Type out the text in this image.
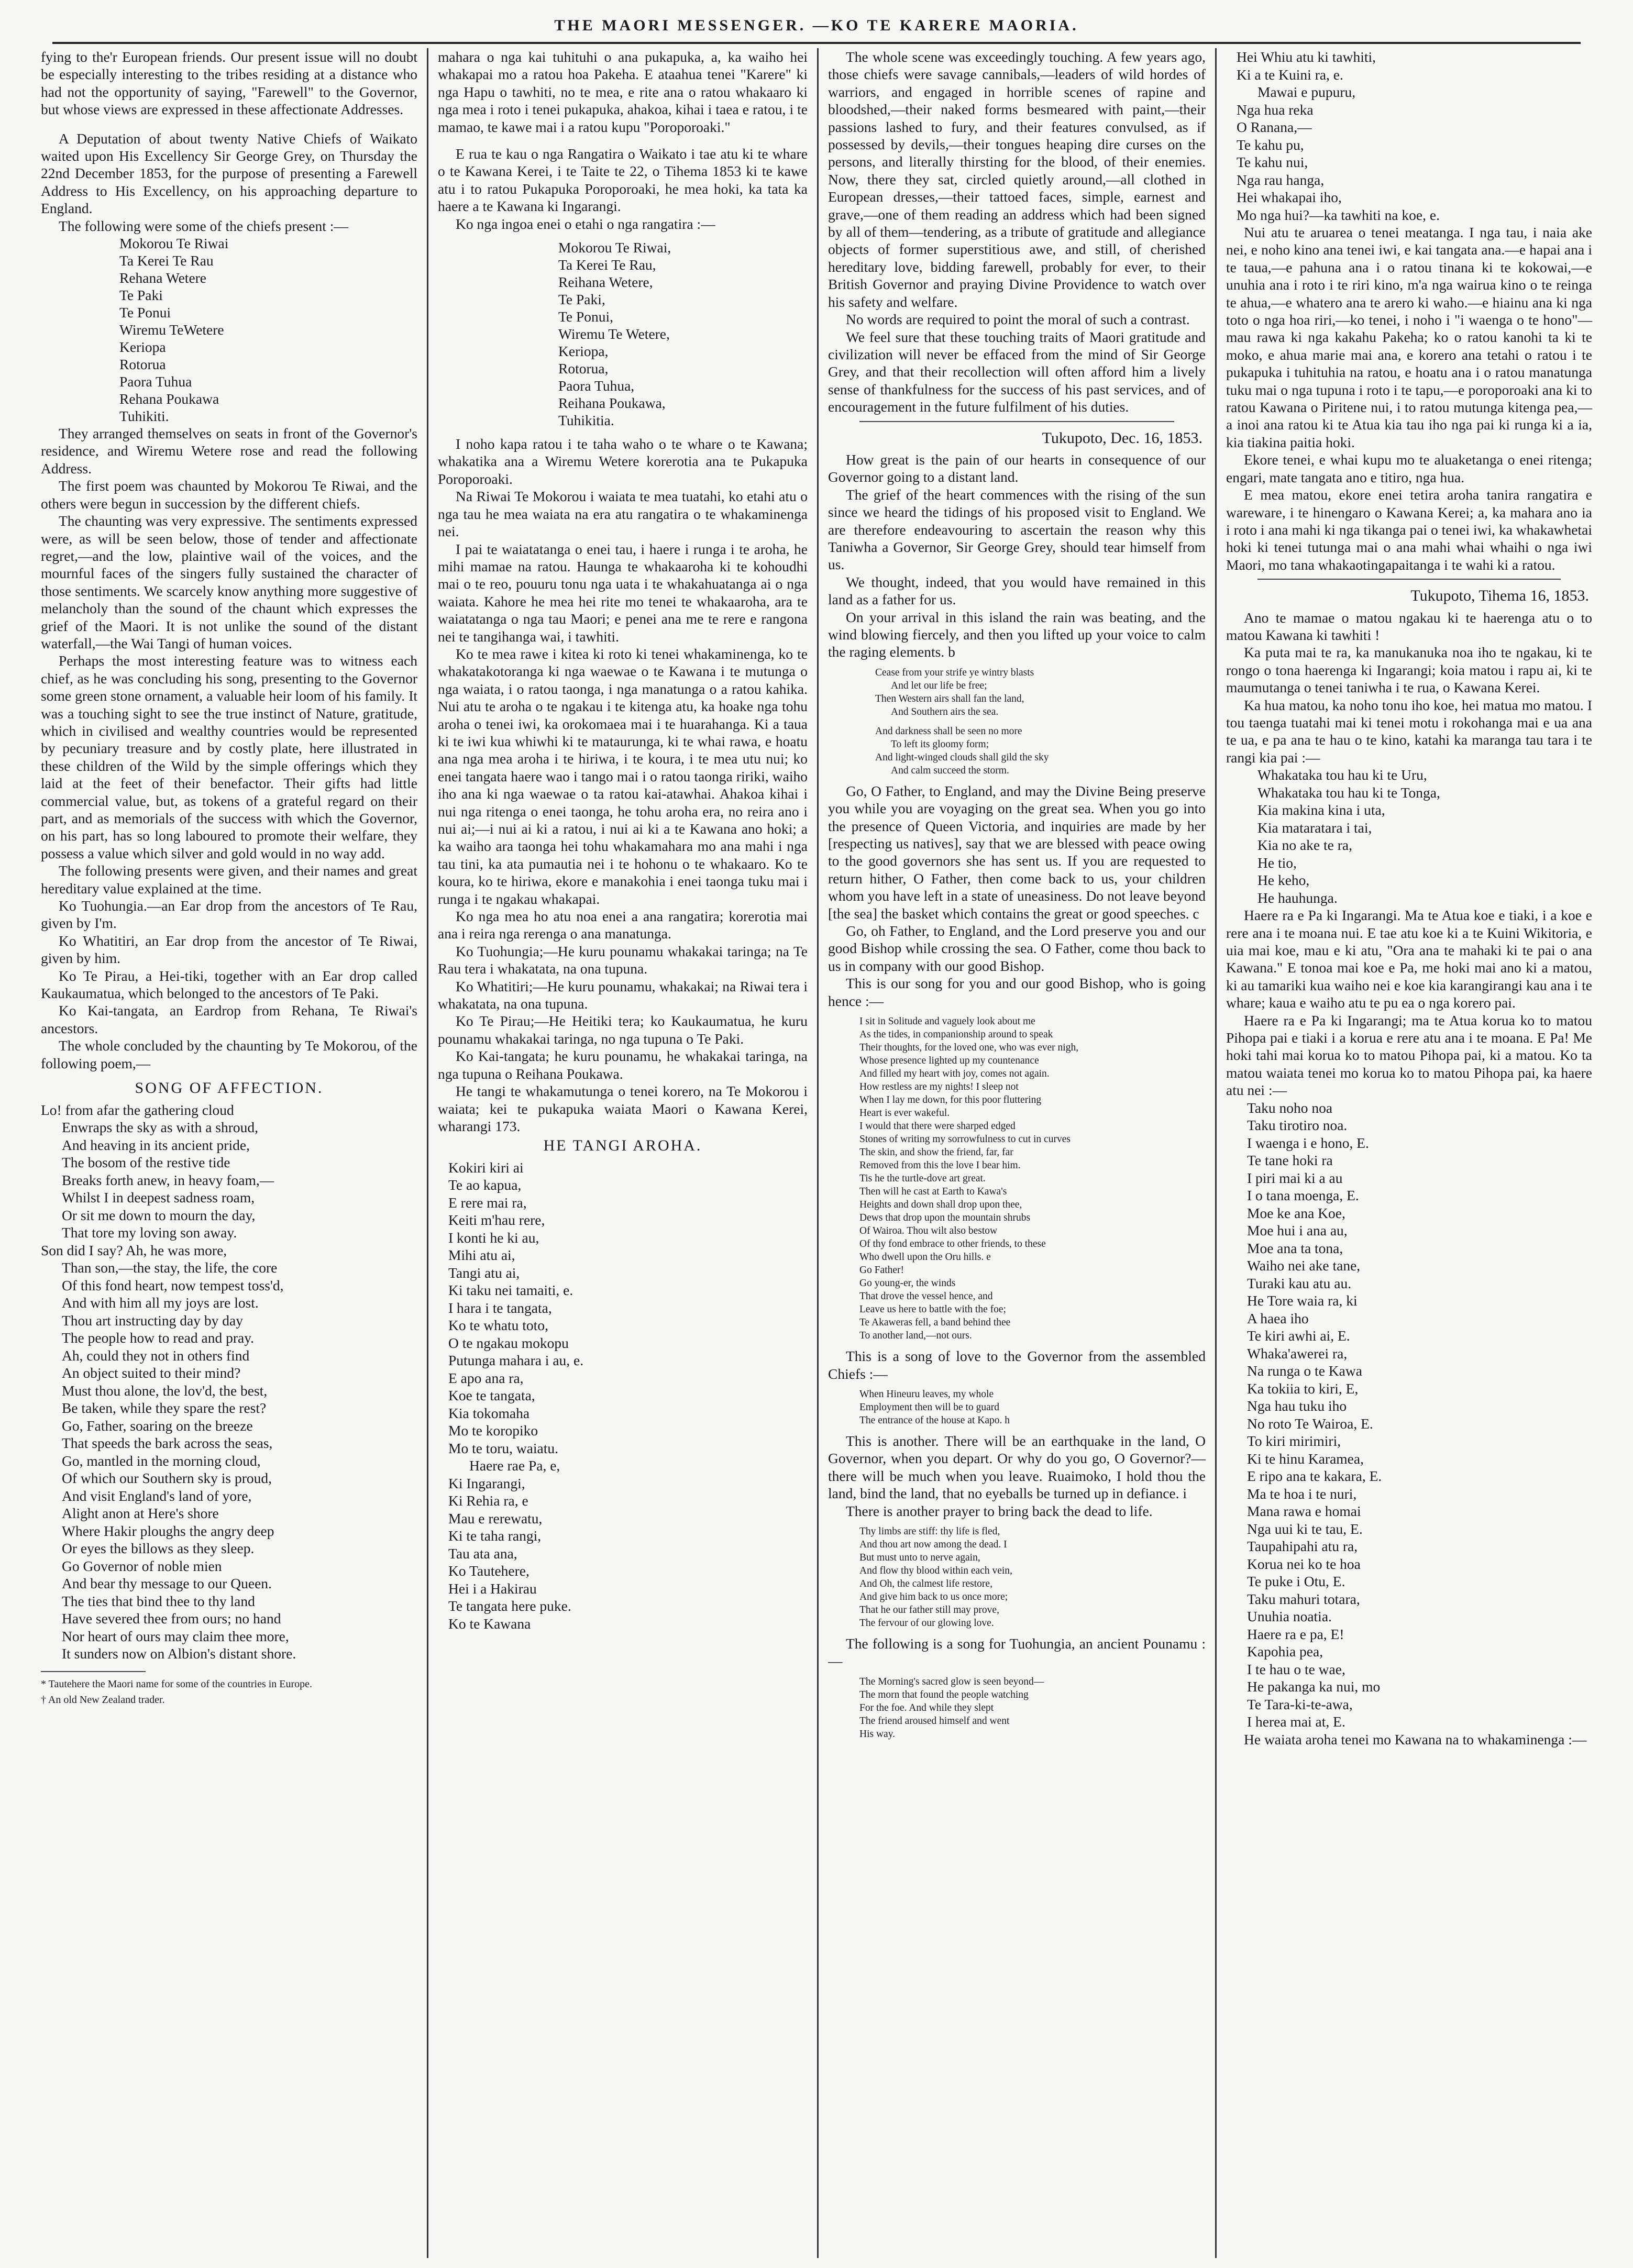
THE MAORI MESSENGER. —KO TE KARERE MAORIA.

fying to the'r European friends. Our present issue will no doubt be especially interesting to the tribes residing at a distance who had not the opportunity of saying, "Farewell" to the Governor, but whose views are expressed in these affectionate Addresses.

A Deputation of about twenty Native Chiefs of Waikato waited upon His Excellency Sir George Grey, on Thursday the 22nd December 1853, for the purpose of presenting a Farewell Address to His Excellency, on his approaching departure to England.

The following were some of the chiefs present :—

Mokorou Te Riwai
Ta Kerei Te Rau
Rehana Wetere
Te Paki
Te Ponui
Wiremu TeWetere
Keriopa
Rotorua
Paora Tuhua
Rehana Poukawa
Tuhikiti.

They arranged themselves on seats in front of the Governor's residence, and Wiremu Wetere rose and read the following Address.

The first poem was chaunted by Mokorou Te Riwai, and the others were begun in succession by the different chiefs.

The chaunting was very expressive. The sentiments expressed were, as will be seen below, those of tender and affectionate regret,—and the low, plaintive wail of the voices, and the mournful faces of the singers fully sustained the character of those sentiments. We scarcely know anything more suggestive of melancholy than the sound of the chaunt which expresses the grief of the Maori. It is not unlike the sound of the distant waterfall,—the Wai Tangi of human voices.

Perhaps the most interesting feature was to witness each chief, as he was concluding his song, presenting to the Governor some green stone ornament, a valuable heir loom of his family. It was a touching sight to see the true instinct of Nature, gratitude, which in civilised and wealthy countries would be represented by pecuniary treasure and by costly plate, here illustrated in these children of the Wild by the simple offerings which they laid at the feet of their benefactor. Their gifts had little commercial value, but, as tokens of a grateful regard on their part, and as memorials of the success with which the Governor, on his part, has so long laboured to promote their welfare, they possess a value which silver and gold would in no way add.

The following presents were given, and their names and great hereditary value explained at the time.

Ko Tuohungia.—an Ear drop from the ancestors of Te Rau, given by I'm.

Ko Whatitiri, an Ear drop from the ancestor of Te Riwai, given by him.

Ko Te Pirau, a Hei-tiki, together with an Ear drop called Kaukaumatua, which belonged to the ancestors of Te Paki.

Ko Kai-tangata, an Eardrop from Rehana, Te Riwai's ancestors.

The whole concluded by the chaunting by Te Mokorou, of the following poem,—

SONG OF AFFECTION.
Lo! from afar the gathering cloud
Enwraps the sky as with a shroud,
And heaving in its ancient pride,
The bosom of the restive tide
Breaks forth anew, in heavy foam,—
Whilst I in deepest sadness roam,
Or sit me down to mourn the day,
That tore my loving son away.
Son did I say? Ah, he was more,
Than son,—the stay, the life, the core
Of this fond heart, now tempest toss'd,
And with him all my joys are lost.
Thou art instructing day by day
The people how to read and pray.
Ah, could they not in others find
An object suited to their mind?
Must thou alone, the lov'd, the best,
Be taken, while they spare the rest?
Go, Father, soaring on the breeze
That speeds the bark across the seas,
Go, mantled in the morning cloud,
Of which our Southern sky is proud,
And visit England's land of yore,
Alight anon at Here's shore
Where Hakir ploughs the angry deep
Or eyes the billows as they sleep.
Go Governor of noble mien
And bear thy message to our Queen.
The ties that bind thee to thy land
Have severed thee from ours; no hand
Nor heart of ours may claim thee more,
It sunders now on Albion's distant shore.

* Tautehere the Maori name for some of the countries in Europe.

† An old New Zealand trader.

mahara o nga kai tuhituhi o ana pukapuka, a, ka waiho hei whakapai mo a ratou hoa Pakeha. E ataahua tenei "Karere" ki nga Hapu o tawhiti, no te mea, e rite ana o ratou whakaaro ki nga mea i roto i tenei pukapuka, ahakoa, kihai i taea e ratou, i te mamao, te kawe mai i a ratou kupu "Poroporoaki."

E rua te kau o nga Rangatira o Waikato i tae atu ki te whare o te Kawana Kerei, i te Taite te 22, o Tihema 1853 ki te kawe atu i to ratou Pukapuka Poroporoaki, he mea hoki, ka tata ka haere a te Kawana ki Ingarangi.

Ko nga ingoa enei o etahi o nga rangatira :—

Mokorou Te Riwai,
Ta Kerei Te Rau,
Reihana Wetere,
Te Paki,
Te Ponui,
Wiremu Te Wetere,
Keriopa,
Rotorua,
Paora Tuhua,
Reihana Poukawa,
Tuhikitia.

I noho kapa ratou i te taha waho o te whare o te Kawana; whakatika ana a Wiremu Wetere korerotia ana te Pukapuka Poroporoaki.

Na Riwai Te Mokorou i waiata te mea tuatahi, ko etahi atu o nga tau he mea waiata na era atu rangatira o te whakaminenga nei.

I pai te waiatatanga o enei tau, i haere i runga i te aroha, he mihi mamae na ratou. Haunga te whakaaroha ki te kohoudhi mai o te reo, pouuru tonu nga uata i te whakahuatanga ai o nga waiata. Kahore he mea hei rite mo tenei te whakaaroha, ara te waiatatanga o nga tau Maori; e penei ana me te rere e rangona nei te tangihanga wai, i tawhiti.

Ko te mea rawe i kitea ki roto ki tenei whakaminenga, ko te whakatakotoranga ki nga waewae o te Kawana i te mutunga o nga waiata, i o ratou taonga, i nga manatunga o a ratou kahika. Nui atu te aroha o te ngakau i te kitenga atu, ka hoake nga tohu aroha o tenei iwi, ka orokomaea mai i te huarahanga. Ki a taua ki te iwi kua whiwhi ki te mataurunga, ki te whai rawa, e hoatu ana nga mea aroha i te hiriwa, i te koura, i te mea utu nui; ko enei tangata haere wao i tango mai i o ratou taonga ririki, waiho iho ana ki nga waewae o ta ratou kai-atawhai. Ahakoa kihai i nui nga ritenga o enei taonga, he tohu aroha era, no reira ano i nui ai;—i nui ai ki a ratou, i nui ai ki a te Kawana ano hoki; a ka waiho ara taonga hei tohu whakamahara mo ana mahi i nga tau tini, ka ata pumautia nei i te hohonu o te whakaaro. Ko te koura, ko te hiriwa, ekore e manakohia i enei taonga tuku mai i runga i te ngakau whakapai.

Ko nga mea ho atu noa enei a ana rangatira; korerotia mai ana i reira nga rerenga o ana manatunga.

Ko Tuohungia;—He kuru pounamu whakakai taringa; na Te Rau tera i whakatata, na ona tupuna.

Ko Whatitiri;—He kuru pounamu, whakakai; na Riwai tera i whakatata, na ona tupuna.

Ko Te Pirau;—He Heitiki tera; ko Kaukaumatua, he kuru pounamu whakakai taringa, no nga tupuna o Te Paki.

Ko Kai-tangata; he kuru pounamu, he whakakai taringa, na nga tupuna o Reihana Poukawa.

He tangi te whakamutunga o tenei korero, na Te Mokorou i waiata; kei te pukapuka waiata Maori o Kawana Kerei, wharangi 173.

HE TANGI AROHA.
Kokiri kiri ai
Te ao kapua,
E rere mai ra,
Keiti m'hau rere,
I konti he ki au,
Mihi atu ai,
Tangi atu ai,
Ki taku nei tamaiti, e.
I hara i te tangata,
Ko te whatu toto,
O te ngakau mokopu
Putunga mahara i au, e.
E apo ana ra,
Koe te tangata,
Kia tokomaha
Mo te koropiko
Mo te toru, waiatu.
Haere rae Pa, e,
Ki Ingarangi,
Ki Rehia ra, e
Mau e rerewatu,
Ki te taha rangi,
Tau ata ana,
Ko Tautehere,
Hei i a Hakirau
Te tangata here puke.
Ko te Kawana

The whole scene was exceedingly touching. A few years ago, those chiefs were savage cannibals,—leaders of wild hordes of warriors, and engaged in horrible scenes of rapine and bloodshed,—their naked forms besmeared with paint,—their passions lashed to fury, and their features convulsed, as if possessed by devils,—their tongues heaping dire curses on the persons, and literally thirsting for the blood, of their enemies. Now, there they sat, circled quietly around,—all clothed in European dresses,—their tattoed faces, simple, earnest and grave,—one of them reading an address which had been signed by all of them—tendering, as a tribute of gratitude and allegiance objects of former superstitious awe, and still, of cherished hereditary love, bidding farewell, probably for ever, to their British Governor and praying Divine Providence to watch over his safety and welfare.

No words are required to point the moral of such a contrast.

We feel sure that these touching traits of Maori gratitude and civilization will never be effaced from the mind of Sir George Grey, and that their recollection will often afford him a lively sense of thankfulness for the success of his past services, and of encouragement in the future fulfilment of his duties.

Tukupoto, Dec. 16, 1853.

How great is the pain of our hearts in consequence of our Governor going to a distant land.

The grief of the heart commences with the rising of the sun since we heard the tidings of his proposed visit to England. We are therefore endeavouring to ascertain the reason why this Taniwha a Governor, Sir George Grey, should tear himself from us.

We thought, indeed, that you would have remained in this land as a father for us.

On your arrival in this island the rain was beating, and the wind blowing fiercely, and then you lifted up your voice to calm the raging elements. b

Cease from your strife ye wintry blasts
And let our life be free;
Then Western airs shall fan the land,
And Southern airs the sea.
And darkness shall be seen no more
To left its gloomy form;
And light-winged clouds shall gild the sky
And calm succeed the storm.

Go, O Father, to England, and may the Divine Being preserve you while you are voyaging on the great sea. When you go into the presence of Queen Victoria, and inquiries are made by her [respecting us natives], say that we are blessed with peace owing to the good governors she has sent us. If you are requested to return hither, O Father, then come back to us, your children whom you have left in a state of uneasiness. Do not leave beyond [the sea] the basket which contains the great or good speeches. c

Go, oh Father, to England, and the Lord preserve you and our good Bishop while crossing the sea. O Father, come thou back to us in company with our good Bishop.

This is our song for you and our good Bishop, who is going hence :—

I sit in Solitude and vaguely look about me
As the tides, in companionship around to speak
Their thoughts, for the loved one, who was ever nigh,
Whose presence lighted up my countenance
And filled my heart with joy, comes not again.
How restless are my nights! I sleep not
When I lay me down, for this poor fluttering
Heart is ever wakeful.
I would that there were sharped edged
Stones of writing my sorrowfulness to cut in curves
The skin, and show the friend, far, far
Removed from this the love I bear him.
Tis he the turtle-dove art great.
Then will he cast at Earth to Kawa's
Heights and down shall drop upon thee,
Dews that drop upon the mountain shrubs
Of Wairoa. Thou wilt also bestow
Of thy fond embrace to other friends, to these
Who dwell upon the Oru hills. e
Go Father!
Go young-er, the winds
That drove the vessel hence, and
Leave us here to battle with the foe;
Te Akaweras fell, a band behind thee
To another land,—not ours.

This is a song of love to the Governor from the assembled Chiefs :—

When Hineuru leaves, my whole
Employment then will be to guard
The entrance of the house at Kapo. h

This is another. There will be an earthquake in the land, O Governor, when you depart. Or why do you go, O Governor?—there will be much when you leave. Ruaimoko, I hold thou the land, bind the land, that no eyeballs be turned up in defiance. i

There is another prayer to bring back the dead to life.

Thy limbs are stiff: thy life is fled,
And thou art now among the dead. I
But must unto to nerve again,
And flow thy blood within each vein,
And Oh, the calmest life restore,
And give him back to us once more;
That he our father still may prove,
The fervour of our glowing love.

The following is a song for Tuohungia, an ancient Pounamu :—

The Morning's sacred glow is seen beyond—
The morn that found the people watching
For the foe. And while they slept
The friend aroused himself and went
His way.
Hei Whiu atu ki tawhiti,
Ki a te Kuini ra, e.
Mawai e pupuru,
Nga hua reka
O Ranana,—
Te kahu pu,
Te kahu nui,
Nga rau hanga,
Hei whakapai iho,
Mo nga hui?—ka tawhiti na koe, e.

Nui atu te aruarea o tenei meatanga. I nga tau, i naia ake nei, e noho kino ana tenei iwi, e kai tangata ana.—e hapai ana i te taua,—e pahuna ana i o ratou tinana ki te kokowai,—e unuhia ana i roto i te riri kino, m'a nga wairua kino o te reinga te ahua,—e whatero ana te arero ki waho.—e hiainu ana ki nga toto o nga hoa riri,—ko tenei, i noho i "i waenga o te hono"—mau rawa ki nga kakahu Pakeha; ko o ratou kanohi ta ki te moko, e ahua marie mai ana, e korero ana tetahi o ratou i te pukapuka i tuhituhia na ratou, e hoatu ana i o ratou manatunga tuku mai o nga tupuna i roto i te tapu,—e poroporoaki ana ki to ratou Kawana o Piritene nui, i to ratou mutunga kitenga pea,—a inoi ana ratou ki te Atua kia tau iho nga pai ki runga ki a ia, kia tiakina paitia hoki.

Ekore tenei, e whai kupu mo te aluaketanga o enei ritenga; engari, mate tangata ano e titiro, nga hua.

E mea matou, ekore enei tetira aroha tanira rangatira e wareware, i te hinengaro o Kawana Kerei; a, ka mahara ano ia i roto i ana mahi ki nga tikanga pai o tenei iwi, ka whakawhetai hoki ki tenei tutunga mai o ana mahi whai whaihi o nga iwi Maori, mo tana whakaotingapaitanga i te wahi ki a ratou.

Tukupoto, Tihema 16, 1853.

Ano te mamae o matou ngakau ki te haerenga atu o to matou Kawana ki tawhiti !

Ka puta mai te ra, ka manukanuka noa iho te ngakau, ki te rongo o tona haerenga ki Ingarangi; koia matou i rapu ai, ki te maumutanga o tenei taniwha i te rua, o Kawana Kerei.

Ka hua matou, ka noho tonu iho koe, hei matua mo matou. I tou taenga tuatahi mai ki tenei motu i rokohanga mai e ua ana te ua, e pa ana te hau o te kino, katahi ka maranga tau tara i te rangi kia pai :—

Whakataka tou hau ki te Uru,
Whakataka tou hau ki te Tonga,
Kia makina kina i uta,
Kia mataratara i tai,
Kia no ake te ra,
He tio,
He keho,
He hauhunga.

Haere ra e Pa ki Ingarangi. Ma te Atua koe e tiaki, i a koe e rere ana i te moana nui. E tae atu koe ki a te Kuini Wikitoria, e uia mai koe, mau e ki atu, "Ora ana te mahaki ki te pai o ana Kawana." E tonoa mai koe e Pa, me hoki mai ano ki a matou, ki au tamariki kua waiho nei e koe kia karangirangi kau ana i te whare; kaua e waiho atu te pu ea o nga korero pai.

Haere ra e Pa ki Ingarangi; ma te Atua korua ko to matou Pihopa pai e tiaki i a korua e rere atu ana i te moana. E Pa! Me hoki tahi mai korua ko to matou Pihopa pai, ki a matou. Ko ta matou waiata tenei mo korua ko to matou Pihopa pai, ka haere atu nei :—

Taku noho noa
Taku tirotiro noa.
I waenga i e hono, E.
Te tane hoki ra
I piri mai ki a au
I o tana moenga, E.
Moe ke ana Koe,
Moe hui i ana au,
Moe ana ta tona,
Waiho nei ake tane,
Turaki kau atu au.
He Tore waia ra, ki
A haea iho
Te kiri awhi ai, E.
Whaka'awerei ra,
Na runga o te Kawa
Ka tokiia to kiri, E,
Nga hau tuku iho
No roto Te Wairoa, E.
To kiri mirimiri,
Ki te hinu Karamea,
E ripo ana te kakara, E.
Ma te hoa i te nuri,
Mana rawa e homai
Nga uui ki te tau, E.
Taupahipahi atu ra,
Korua nei ko te hoa
Te puke i Otu, E.
Taku mahuri totara,
Unuhia noatia.
Haere ra e pa, E!
Kapohia pea,
I te hau o te wae,
He pakanga ka nui, mo
Te Tara-ki-te-awa,
I herea mai at, E.

He waiata aroha tenei mo Kawana na to whakaminenga :—
